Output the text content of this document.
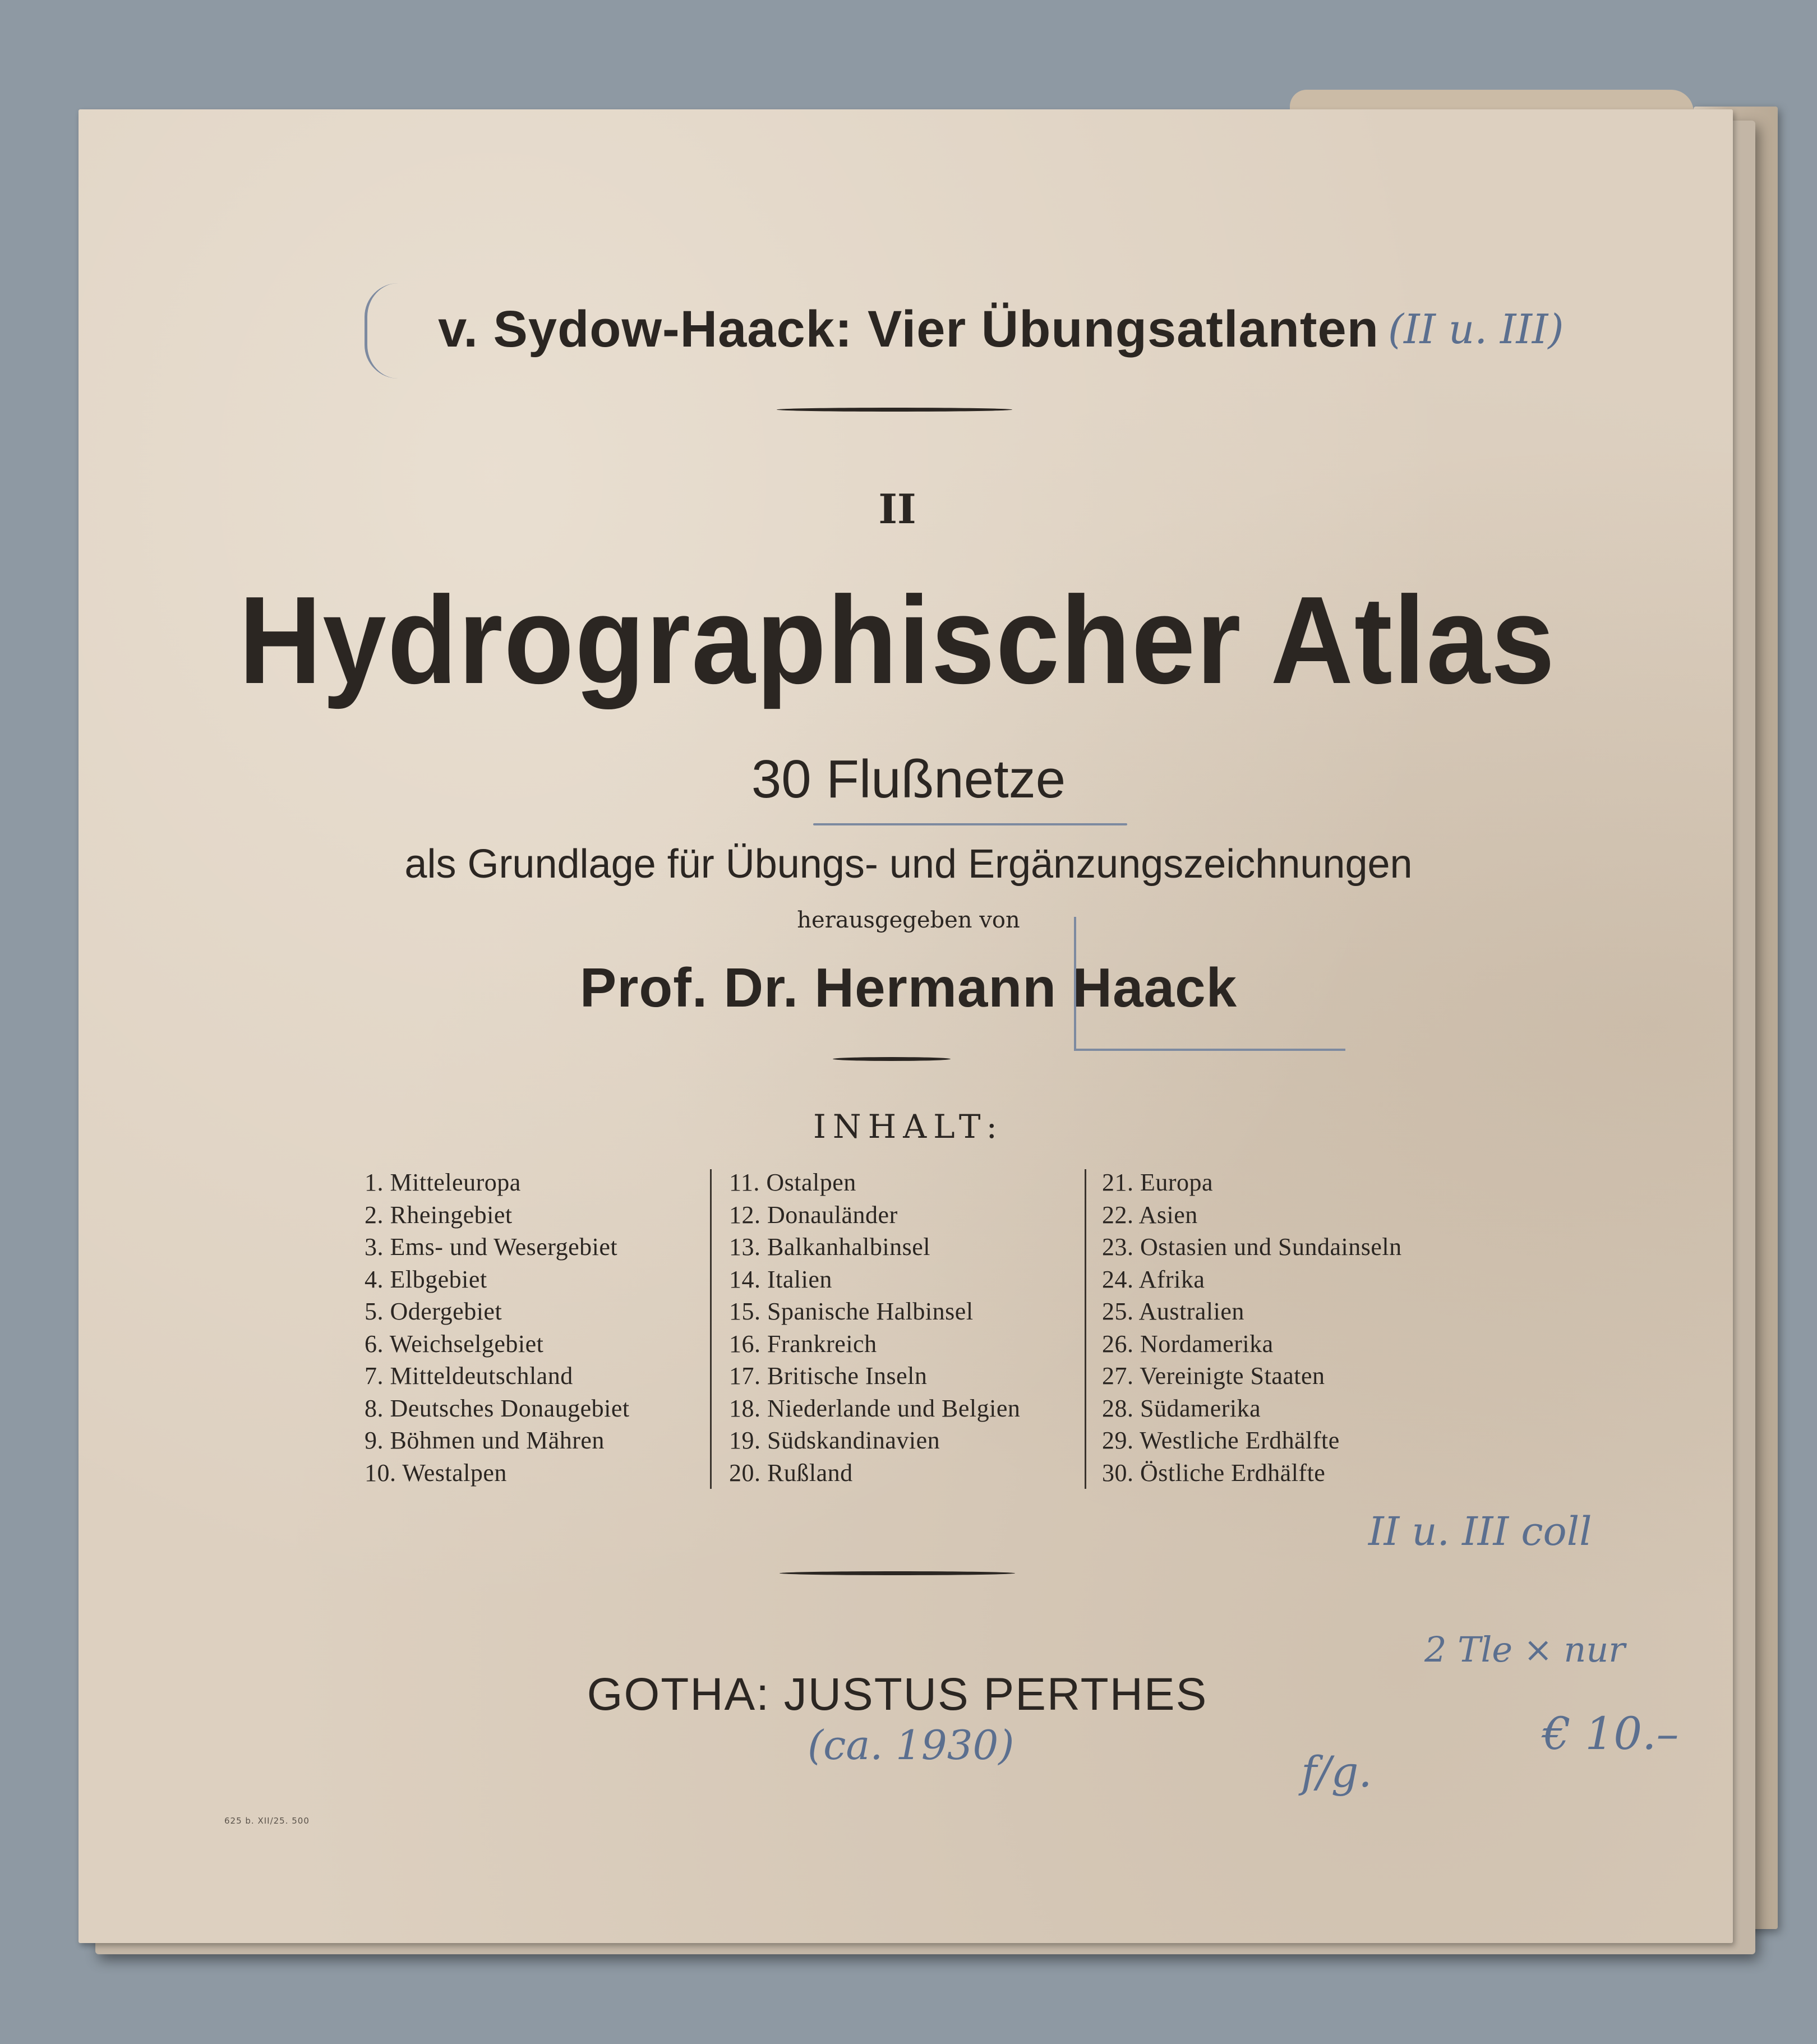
v. Sydow-Haack: Vier Übungsatlanten
II
Hydrographischer Atlas
30 Flußnetze
als Grundlage für Übungs- und Ergänzungszeichnungen
herausgegeben von
Prof. Dr. Hermann Haack
INHALT:
1. Mitteleuropa
2. Rheingebiet
3. Ems- und Wesergebiet
4. Elbgebiet
5. Odergebiet
6. Weichselgebiet
7. Mitteldeutschland
8. Deutsches Donaugebiet
9. Böhmen und Mähren
10. Westalpen
11. Ostalpen
12. Donauländer
13. Balkanhalbinsel
14. Italien
15. Spanische Halbinsel
16. Frankreich
17. Britische Inseln
18. Niederlande und Belgien
19. Südskandinavien
20. Rußland
21. Europa
22. Asien
23. Ostasien und Sundainseln
24. Afrika
25. Australien
26. Nordamerika
27. Vereinigte Staaten
28. Südamerika
29. Westliche Erdhälfte
30. Östliche Erdhälfte
GOTHA: JUSTUS PERTHES
625 b. XII/25. 500
(II u. III)
II u. III coll
2 Tle × nur
€ 10.–
(ca. 1930)
f/g.
